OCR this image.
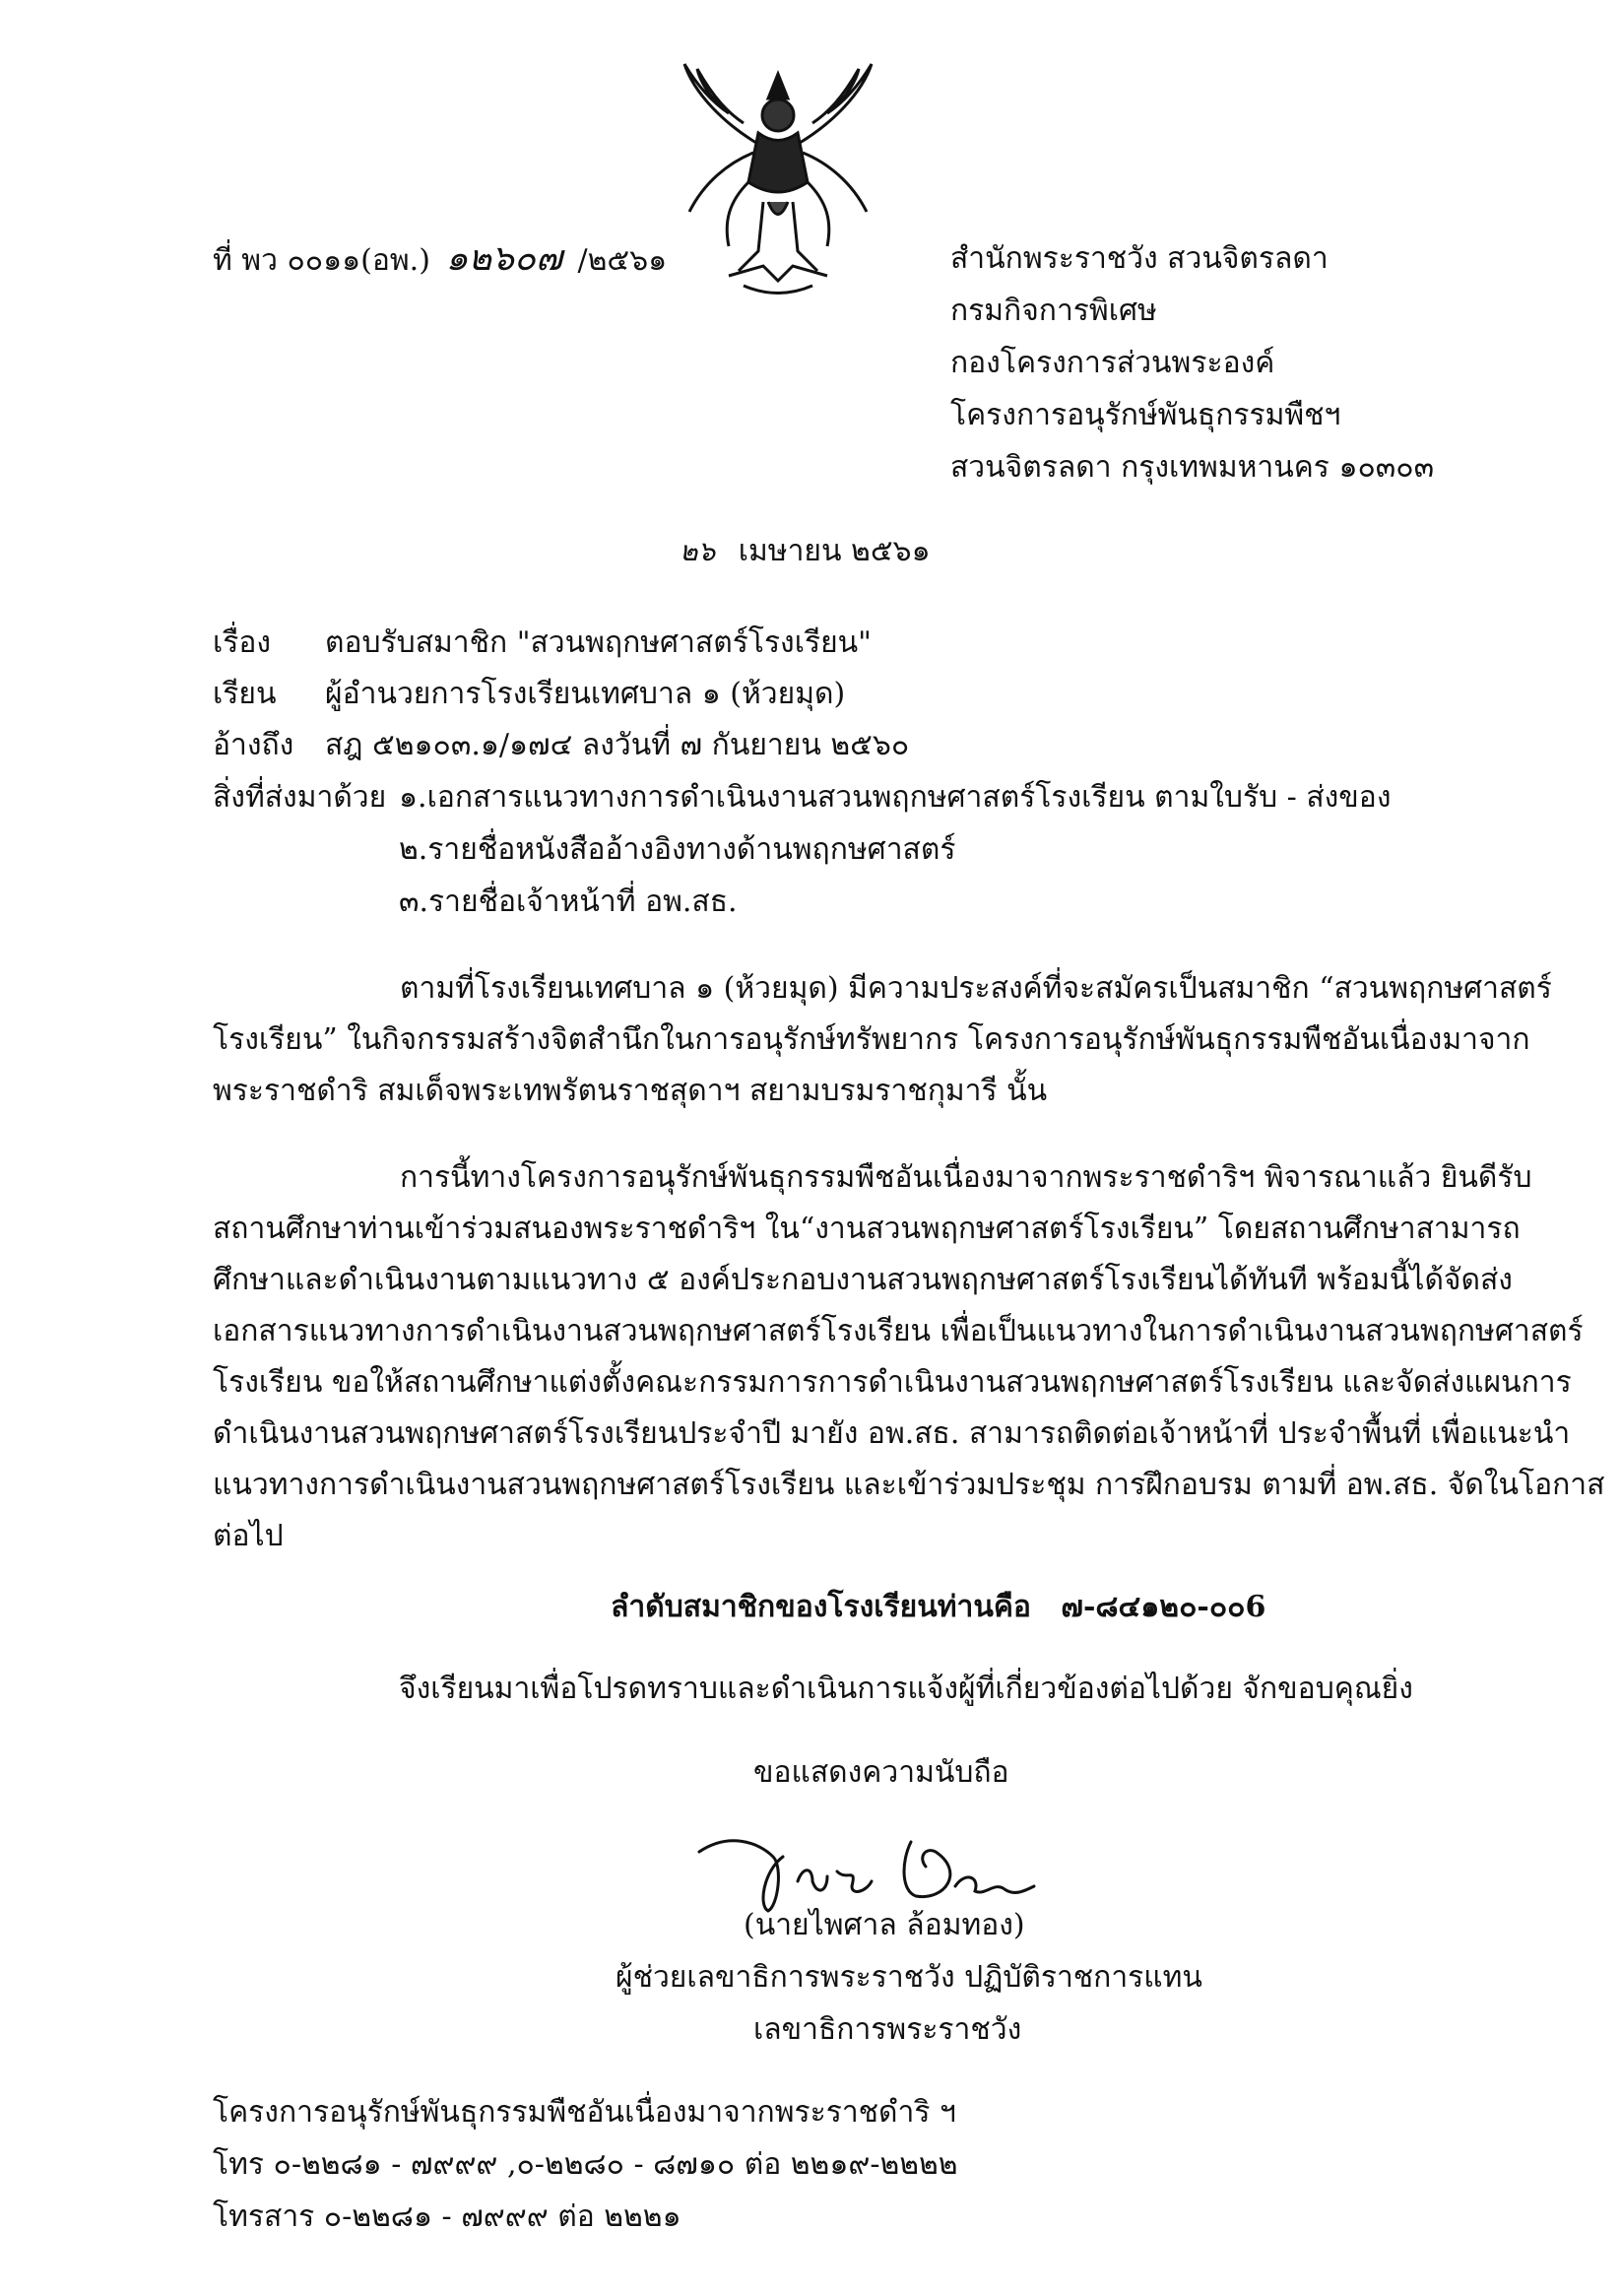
ที่ พว ๐๐๑๑(อพ.) ๑๒๖๐๗ /๒๕๖๑	สำนักพระราชวัง สวนจิตรลดา
กรมกิจการพิเศษ
กองโครงการส่วนพระองค์
โครงการอนุรักษ์พันธุกรรมพืชฯ
สวนจิตรลดา กรุงเทพมหานคร ๑๐๓๐๓
๒๖ เมษายน ๒๕๖๑
เรื่อง ตอบรับสมาชิก "สวนพฤกษศาสตร์โรงเรียน"
เรียน ผู้อำนวยการโรงเรียนเทศบาล ๑ (ห้วยมุด)
อ้างถึง สฎ ๕๒๑๐๓.๑/๑๗๔ ลงวันที่ ๗ กันยายน ๒๕๖๐
สิ่งที่ส่งมาด้วย ๑.เอกสารแนวทางการดำเนินงานสวนพฤกษศาสตร์โรงเรียน ตามใบรับ - ส่งของ
๒.รายชื่อหนังสืออ้างอิงทางด้านพฤกษศาสตร์
๓.รายชื่อเจ้าหน้าที่ อพ.สธ.
ตามที่โรงเรียนเทศบาล ๑ (ห้วยมุด) มีความประสงค์ที่จะสมัครเป็นสมาชิก “สวนพฤกษศาสตร์
โรงเรียน” ในกิจกรรมสร้างจิตสำนึกในการอนุรักษ์ทรัพยากร โครงการอนุรักษ์พันธุกรรมพืชอันเนื่องมาจาก
พระราชดำริ สมเด็จพระเทพรัตนราชสุดาฯ สยามบรมราชกุมารี นั้น
การนี้ทางโครงการอนุรักษ์พันธุกรรมพืชอันเนื่องมาจากพระราชดำริฯ พิจารณาแล้ว ยินดีรับ
สถานศึกษาท่านเข้าร่วมสนองพระราชดำริฯ ใน“งานสวนพฤกษศาสตร์โรงเรียน” โดยสถานศึกษาสามารถ
ศึกษาและดำเนินงานตามแนวทาง ๕ องค์ประกอบงานสวนพฤกษศาสตร์โรงเรียนได้ทันที พร้อมนี้ได้จัดส่ง
เอกสารแนวทางการดำเนินงานสวนพฤกษศาสตร์โรงเรียน เพื่อเป็นแนวทางในการดำเนินงานสวนพฤกษศาสตร์
โรงเรียน ขอให้สถานศึกษาแต่งตั้งคณะกรรมการการดำเนินงานสวนพฤกษศาสตร์โรงเรียน และจัดส่งแผนการ
ดำเนินงานสวนพฤกษศาสตร์โรงเรียนประจำปี มายัง อพ.สธ. สามารถติดต่อเจ้าหน้าที่ ประจำพื้นที่ เพื่อแนะนำ
แนวทางการดำเนินงานสวนพฤกษศาสตร์โรงเรียน และเข้าร่วมประชุม การฝึกอบรม ตามที่ อพ.สธ. จัดในโอกาส
ต่อไป
ลำดับสมาชิกของโรงเรียนท่านคือ ๗-๘๔๑๒๐-๐๐6
จึงเรียนมาเพื่อโปรดทราบและดำเนินการแจ้งผู้ที่เกี่ยวข้องต่อไปด้วย จักขอบคุณยิ่ง
ขอแสดงความนับถือ
(นายไพศาล ล้อมทอง)
ผู้ช่วยเลขาธิการพระราชวัง ปฏิบัติราชการแทน
เลขาธิการพระราชวัง
โครงการอนุรักษ์พันธุกรรมพืชอันเนื่องมาจากพระราชดำริ ฯ
โทร ๐-๒๒๘๑ - ๗๙๙๙ ,๐-๒๒๘๐ - ๘๗๑๐ ต่อ ๒๒๑๙-๒๒๒๒
โทรสาร ๐-๒๒๘๑ - ๗๙๙๙ ต่อ ๒๒๒๑
